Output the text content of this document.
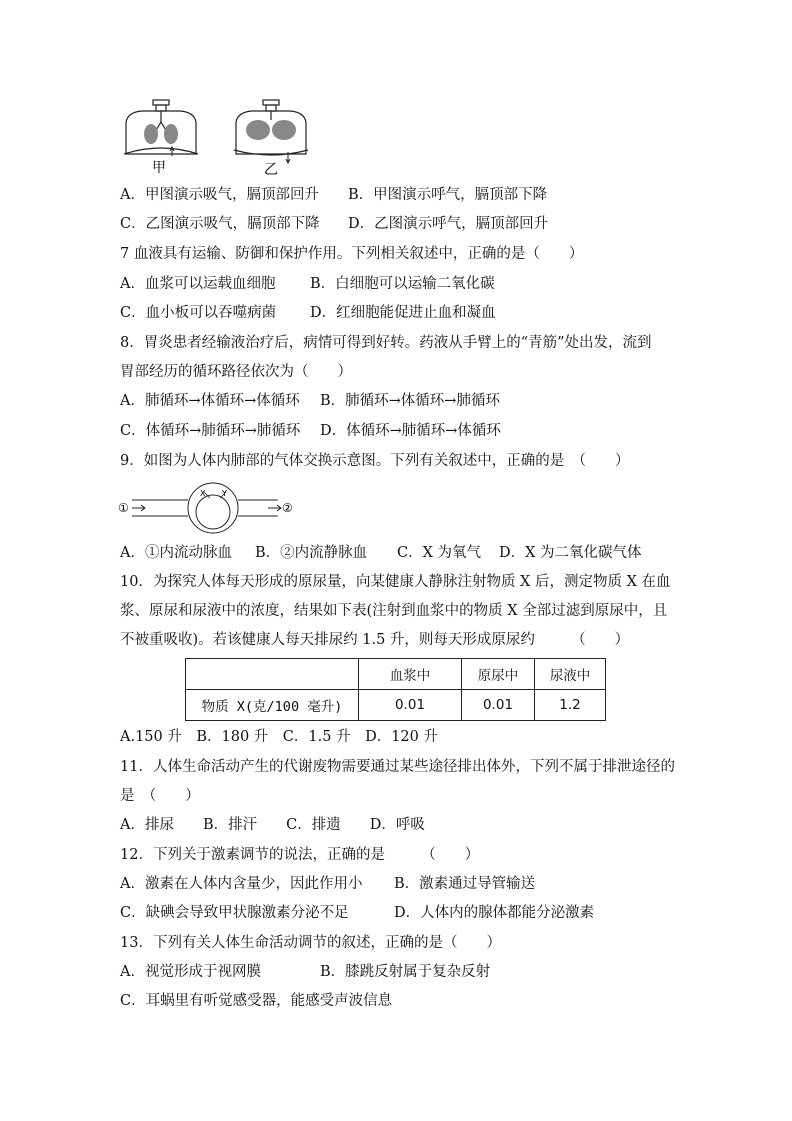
甲	乙
A．甲图演示吸气，膈顶部回升 B．甲图演示呼气，膈顶部下降
C．乙图演示吸气，膈顶部下降 D．乙图演示呼气，膈顶部回升
7 血液具有运输、防御和保护作用。下列相关叙述中，正确的是（　　）
A．血浆可以运载血细胞 B．白细胞可以运输二氧化碳
C．血小板可以吞噬病菌 D．红细胞能促进止血和凝血
8．胃炎患者经输液治疗后，病情可得到好转。药液从手臂上的“青筋”处出发，流到
胃部经历的循环路径依次为（　　）
A．肺循环→体循环→体循环 B．肺循环→体循环→肺循环
C．体循环→肺循环→肺循环 D．体循环→肺循环→体循环
9．如图为人体内肺部的气体交换示意图。下列有关叙述中，正确的是　（　　）
①
X Y
②
A．①内流动脉血 B．②内流静脉血 C．X 为氧气 D．X 为二氧化碳气体
10．为探究人体每天形成的原尿量，向某健康人静脉注射物质 X 后，测定物质 X 在血
浆、原尿和尿液中的浓度，结果如下表(注射到血浆中的物质 X 全部过滤到原尿中，且
不被重吸收)。若该健康人每天排尿约 1.5 升，则每天形成原尿约　　　（　　）
	血浆中	原尿中	尿液中
物质 X(克/100 毫升)	0.01	0.01	1.2
A.150 升　B．180 升　C．1.5 升　D．120 升
11．人体生命活动产生的代谢废物需要通过某些途径排出体外，下列不属于排泄途径的
是　（　　）
A．排尿　　B．排汗　　C．排遗　　D．呼吸
12．下列关于激素调节的说法，正确的是　　　（　　）
A．激素在人体内含量少，因此作用小 B．激素通过导管输送
C．缺碘会导致甲状腺激素分泌不足	D．人体内的腺体都能分泌激素
13．下列有关人体生命活动调节的叙述，正确的是（　　）
A．视觉形成于视网膜	B．膝跳反射属于复杂反射
C．耳蜗里有听觉感受器，能感受声波信息
